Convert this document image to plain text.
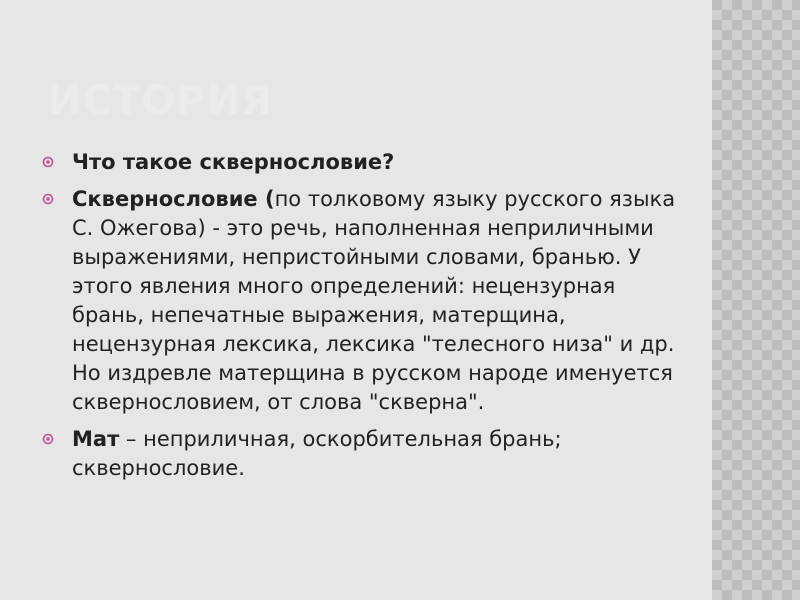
ИСТОРИЯ
Что такое сквернословие?
Сквернословие (по толковому языку русского языка С. Ожегова) - это речь, наполненная неприличными выражениями, непристойными словами, бранью. У этого явления много определений: нецензурная брань, непечатные выражения, матерщина, нецензурная лексика, лексика "телесного низа" и др. Но издревле матерщина в русском народе именуется сквернословием, от слова "скверна".
Мат – неприличная, оскорбительная брань; сквернословие.
